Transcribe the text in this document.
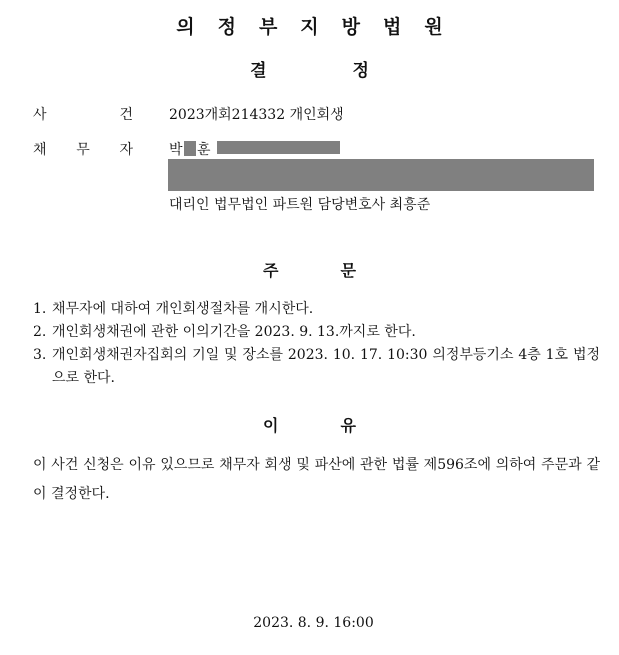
의정부지방법원
결정
사	건	2023개회214332 개인회생
채 무 자	박 훈
대리인 법무법인 파트원 담당변호사 최흥준
주문
1. 채무자에 대하여 개인회생절차를 개시한다.
2. 개인회생채권에 관한 이의기간을 2023. 9. 13.까지로 한다.
3. 개인회생채권자집회의 기일 및 장소를 2023. 10. 17. 10:30 의정부등기소 4층 1호 법정으로 한다.
이유
이 사건 신청은 이유 있으므로 채무자 회생 및 파산에 관한 법률 제596조에 의하여 주문과 같이 결정한다.
2023. 8. 9. 16:00
